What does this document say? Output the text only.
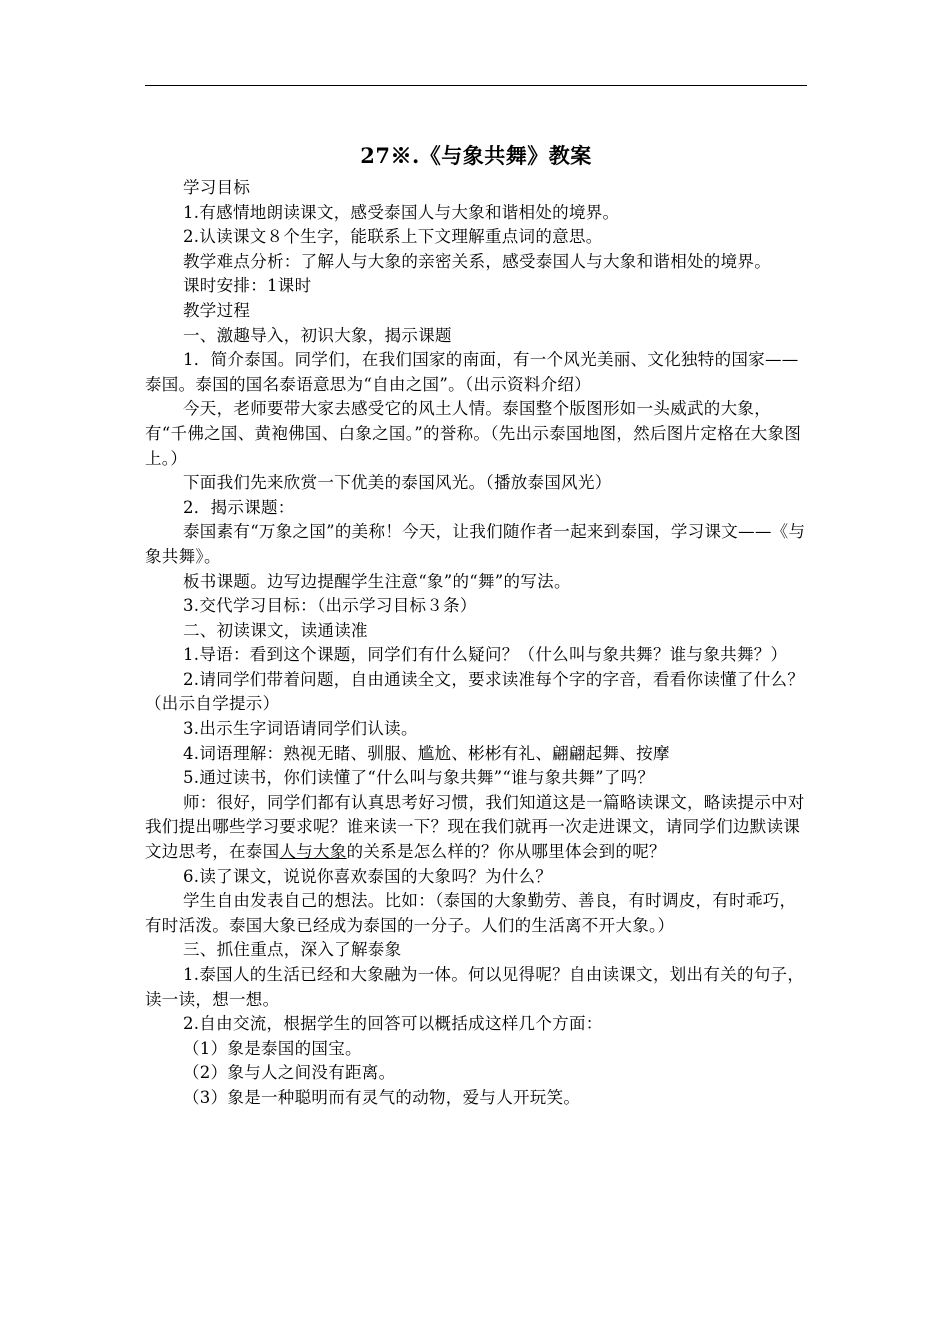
27※.《与象共舞》教案

学习目标

1.有感情地朗读课文，感受泰国人与大象和谐相处的境界。

2.认读课文８个生字，能联系上下文理解重点词的意思。

教学难点分析：了解人与大象的亲密关系，感受泰国人与大象和谐相处的境界。

课时安排：1课时

教学过程

一、激趣导入，初识大象，揭示课题

1．简介泰国。同学们，在我们国家的南面，有一个风光美丽、文化独特的国家——泰国。泰国的国名泰语意思为“自由之国”。（出示资料介绍）

今天，老师要带大家去感受它的风土人情。泰国整个版图形如一头威武的大象，有“千佛之国、黄袍佛国、白象之国。”的誉称。（先出示泰国地图，然后图片定格在大象图上。）

下面我们先来欣赏一下优美的泰国风光。（播放泰国风光）

2．揭示课题：

泰国素有“万象之国”的美称！今天，让我们随作者一起来到泰国，学习课文——《与象共舞》。

板书课题。边写边提醒学生注意“象”的“舞”的写法。

3.交代学习目标：（出示学习目标３条）

二、初读课文，读通读准

1.导语：看到这个课题，同学们有什么疑问？（什么叫与象共舞？谁与象共舞？）

2.请同学们带着问题，自由通读全文，要求读准每个字的字音，看看你读懂了什么？（出示自学提示）

3.出示生字词语请同学们认读。

4.词语理解：熟视无睹、驯服、尴尬、彬彬有礼、翩翩起舞、按摩

5.通过读书，你们读懂了“什么叫与象共舞”“谁与象共舞”了吗？

师：很好，同学们都有认真思考好习惯，我们知道这是一篇略读课文，略读提示中对我们提出哪些学习要求呢？谁来读一下？现在我们就再一次走进课文，请同学们边默读课文边思考，在泰国人与大象的关系是怎么样的？你从哪里体会到的呢？

6.读了课文，说说你喜欢泰国的大象吗？为什么？

学生自由发表自己的想法。比如：（泰国的大象勤劳、善良，有时调皮，有时乖巧，有时活泼。泰国大象已经成为泰国的一分子。人们的生活离不开大象。）

三、抓住重点，深入了解泰象

1.泰国人的生活已经和大象融为一体。何以见得呢？自由读课文，划出有关的句子，读一读，想一想。

2.自由交流，根据学生的回答可以概括成这样几个方面：

（1）象是泰国的国宝。

（2）象与人之间没有距离。

（3）象是一种聪明而有灵气的动物，爱与人开玩笑。
